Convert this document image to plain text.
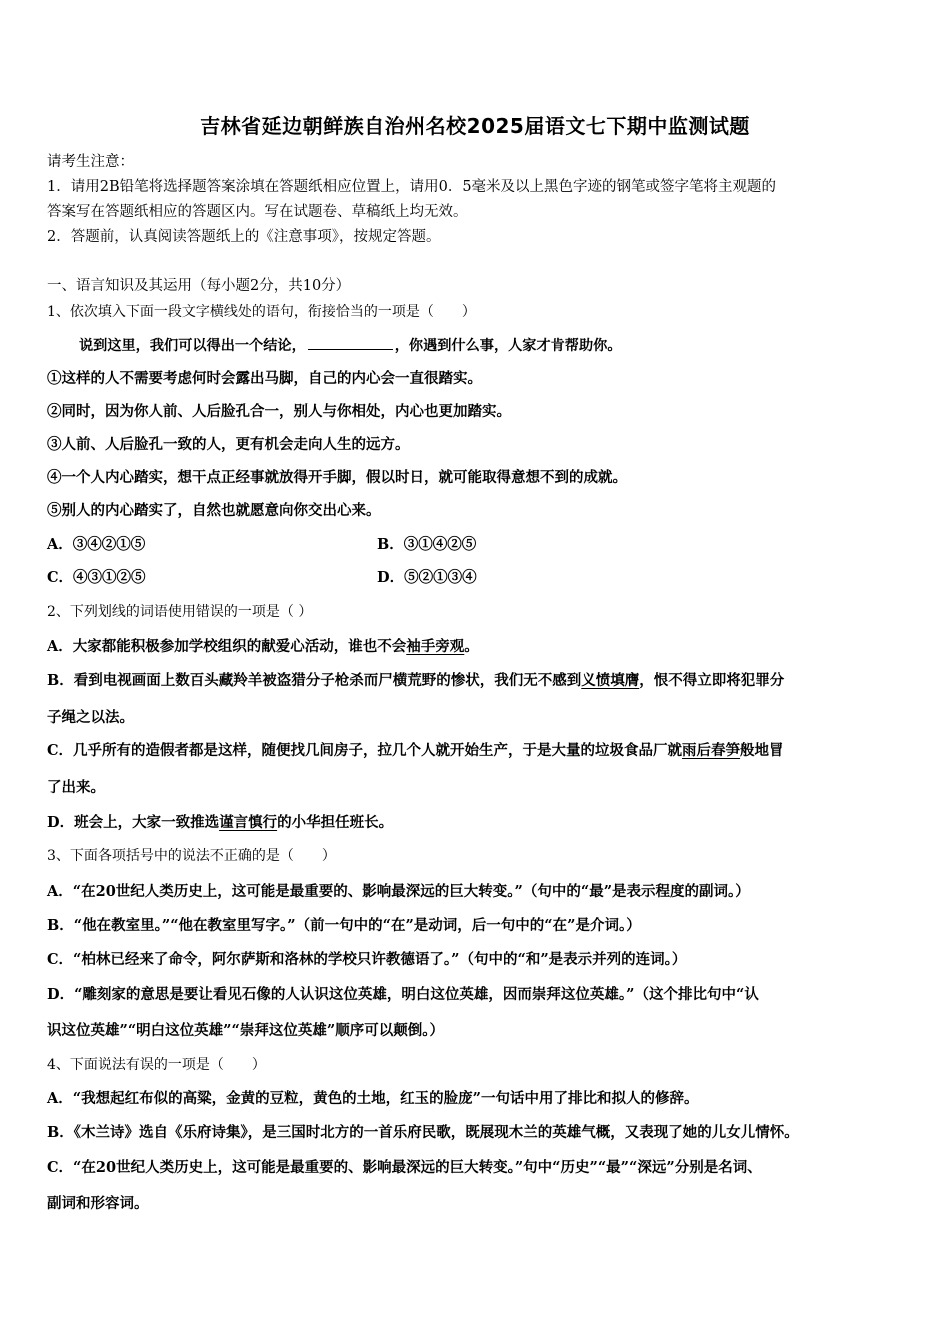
吉林省延边朝鲜族自治州名校2025届语文七下期中监测试题
请考生注意：
1．请用2B铅笔将选择题答案涂填在答题纸相应位置上，请用0．5毫米及以上黑色字迹的钢笔或签字笔将主观题的
答案写在答题纸相应的答题区内。写在试题卷、草稿纸上均无效。
2．答题前，认真阅读答题纸上的《注意事项》，按规定答题。
一、语言知识及其运用（每小题2分，共10分）
1、依次填入下面一段文字横线处的语句，衔接恰当的一项是（　　）
说到这里，我们可以得出一个结论，	，你遇到什么事，人家才肯帮助你。
①这样的人不需要考虑何时会露出马脚，自己的内心会一直很踏实。
②同时，因为你人前、人后脸孔合一，别人与你相处，内心也更加踏实。
③人前、人后脸孔一致的人，更有机会走向人生的远方。
④一个人内心踏实，想干点正经事就放得开手脚，假以时日，就可能取得意想不到的成就。
⑤别人的内心踏实了，自然也就愿意向你交出心来。
A．③④②①⑤	B．③①④②⑤
C．④③①②⑤	D．⑤②①③④
2、下列划线的词语使用错误的一项是（ ）
A．大家都能积极参加学校组织的献爱心活动，谁也不会袖手旁观。
B．看到电视画面上数百头藏羚羊被盗猎分子枪杀而尸横荒野的惨状，我们无不感到义愤填膺，恨不得立即将犯罪分
子绳之以法。
C．几乎所有的造假者都是这样，随便找几间房子，拉几个人就开始生产，于是大量的垃圾食品厂就雨后春笋般地冒
了出来。
D．班会上，大家一致推选谨言慎行的小华担任班长。
3、下面各项括号中的说法不正确的是（　　）
A．“在20世纪人类历史上，这可能是最重要的、影响最深远的巨大转变。”（句中的“最”是表示程度的副词。）
B．“他在教室里。”“他在教室里写字。”（前一句中的“在”是动词，后一句中的“在”是介词。）
C．“柏林已经来了命令，阿尔萨斯和洛林的学校只许教德语了。”（句中的“和”是表示并列的连词。）
D．“雕刻家的意思是要让看见石像的人认识这位英雄，明白这位英雄，因而崇拜这位英雄。”（这个排比句中“认
识这位英雄”“明白这位英雄”“崇拜这位英雄”顺序可以颠倒。）
4、下面说法有误的一项是（　　）
A．“我想起红布似的高粱，金黄的豆粒，黄色的土地，红玉的脸庞”一句话中用了排比和拟人的修辞。
B．《木兰诗》选自《乐府诗集》，是三国时北方的一首乐府民歌，既展现木兰的英雄气概，又表现了她的儿女儿情怀。
C．“在20世纪人类历史上，这可能是最重要的、影响最深远的巨大转变。”句中“历史”“最”“深远”分别是名词、
副词和形容词。
